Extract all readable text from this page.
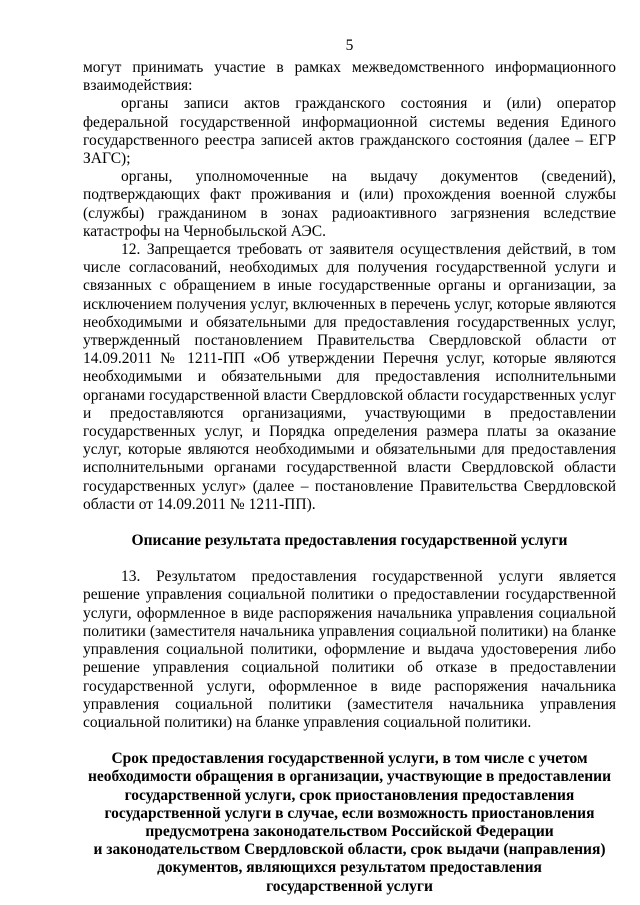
5

могут принимать участие в рамках межведомственного информационного взаимодействия:

органы записи актов гражданского состояния и (или) оператор федеральной государственной информационной системы ведения Единого государственного реестра записей актов гражданского состояния (далее – ЕГР ЗАГС);

органы, уполномоченные на выдачу документов (сведений), подтверждающих факт проживания и (или) прохождения военной службы (службы) гражданином в зонах радиоактивного загрязнения вследствие катастрофы на Чернобыльской АЭС.

12. Запрещается требовать от заявителя осуществления действий, в том числе согласований, необходимых для получения государственной услуги и связанных с обращением в иные государственные органы и организации, за исключением получения услуг, включенных в перечень услуг, которые являются необходимыми и обязательными для предоставления государственных услуг, утвержденный постановлением Правительства Свердловской области от 14.09.2011 № 1211-ПП «Об утверждении Перечня услуг, которые являются необходимыми и обязательными для предоставления исполнительными органами государственной власти Свердловской области государственных услуг и предоставляются организациями, участвующими в предоставлении государственных услуг, и Порядка определения размера платы за оказание услуг, которые являются необходимыми и обязательными для предоставления исполнительными органами государственной власти Свердловской области государственных услуг» (далее – постановление Правительства Свердловской области от 14.09.2011 № 1211-ПП).

Описание результата предоставления государственной услуги

13. Результатом предоставления государственной услуги является решение управления социальной политики о предоставлении государственной услуги, оформленное в виде распоряжения начальника управления социальной политики (заместителя начальника управления социальной политики) на бланке управления социальной политики, оформление и выдача удостоверения либо решение управления социальной политики об отказе в предоставлении государственной услуги, оформленное в виде распоряжения начальника управления социальной политики (заместителя начальника управления социальной политики) на бланке управления социальной политики.

Срок предоставления государственной услуги, в том числе с учетом
необходимости обращения в организации, участвующие в предоставлении
государственной услуги, срок приостановления предоставления
государственной услуги в случае, если возможность приостановления
предусмотрена законодательством Российской Федерации
и законодательством Свердловской области, срок выдачи (направления)
документов, являющихся результатом предоставления
государственной услуги
